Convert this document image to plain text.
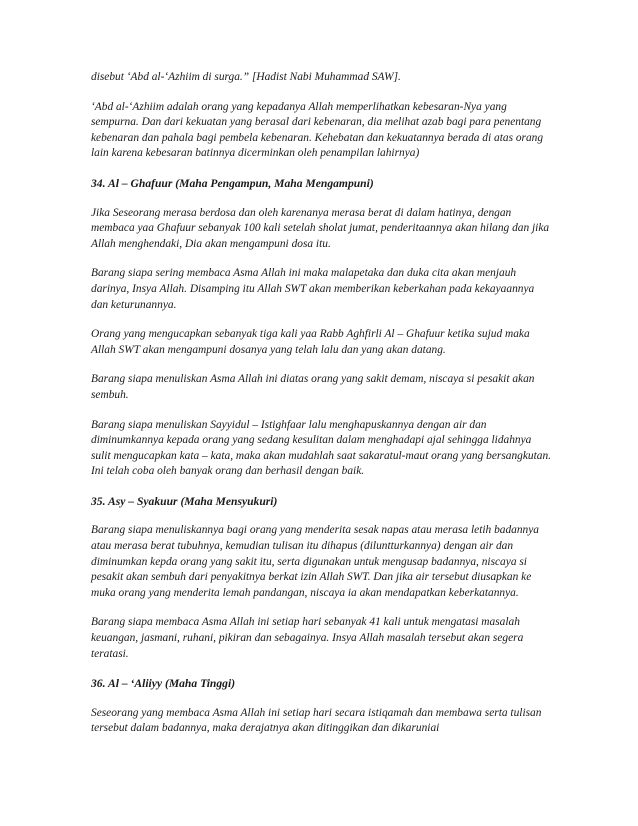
disebut ‘Abd al-‘Azhiim di surga.” [Hadist Nabi Muhammad SAW].

‘Abd al-‘Azhiim adalah orang yang kepadanya Allah memperlihatkan kebesaran-Nya yang sempurna. Dan dari kekuatan yang berasal dari kebenaran, dia melihat azab bagi para penentang kebenaran dan pahala bagi pembela kebenaran. Kehebatan dan kekuatannya berada di atas orang lain karena kebesaran batinnya dicerminkan oleh penampilan lahirnya)

34. Al – Ghafuur (Maha Pengampun, Maha Mengampuni)

Jika Seseorang merasa berdosa dan oleh karenanya merasa berat di dalam hatinya, dengan membaca yaa Ghafuur sebanyak 100 kali setelah sholat jumat, penderitaannya akan hilang dan jika Allah menghendaki, Dia akan mengampuni dosa itu.

Barang siapa sering membaca Asma Allah ini maka malapetaka dan duka cita akan menjauh darinya, Insya Allah. Disamping itu Allah SWT akan memberikan keberkahan pada kekayaannya dan keturunannya.

Orang yang mengucapkan sebanyak tiga kali yaa Rabb Aghfirli Al – Ghafuur ketika sujud maka Allah SWT akan mengampuni dosanya yang telah lalu dan yang akan datang.

Barang siapa menuliskan Asma Allah ini diatas orang yang sakit demam, niscaya si pesakit akan sembuh.

Barang siapa menuliskan Sayyidul – Istighfaar lalu menghapuskannya dengan air dan diminumkannya kepada orang yang sedang kesulitan dalam menghadapi ajal sehingga lidahnya sulit mengucapkan kata – kata, maka akan mudahlah saat sakaratul-maut orang yang bersangkutan. Ini telah coba oleh banyak orang dan berhasil dengan baik.

35. Asy – Syakuur (Maha Mensyukuri)

Barang siapa menuliskannya bagi orang yang menderita sesak napas atau merasa letih badannya atau merasa berat tubuhnya, kemudian tulisan itu dihapus (diluntturkannya) dengan air dan diminumkan kepda orang yang sakit itu, serta digunakan untuk mengusap badannya, niscaya si pesakit akan sembuh dari penyakitnya berkat izin Allah SWT. Dan jika air tersebut diusapkan ke muka orang yang menderita lemah pandangan, niscaya ia akan mendapatkan keberkatannya.

Barang siapa membaca Asma Allah ini setiap hari sebanyak 41 kali untuk mengatasi masalah keuangan, jasmani, ruhani, pikiran dan sebagainya. Insya Allah masalah tersebut akan segera teratasi.

36. Al – ‘Aliiyy (Maha Tinggi)

Seseorang yang membaca Asma Allah ini setiap hari secara istiqamah dan membawa serta tulisan tersebut dalam badannya, maka derajatnya akan ditinggikan dan dikaruniai
